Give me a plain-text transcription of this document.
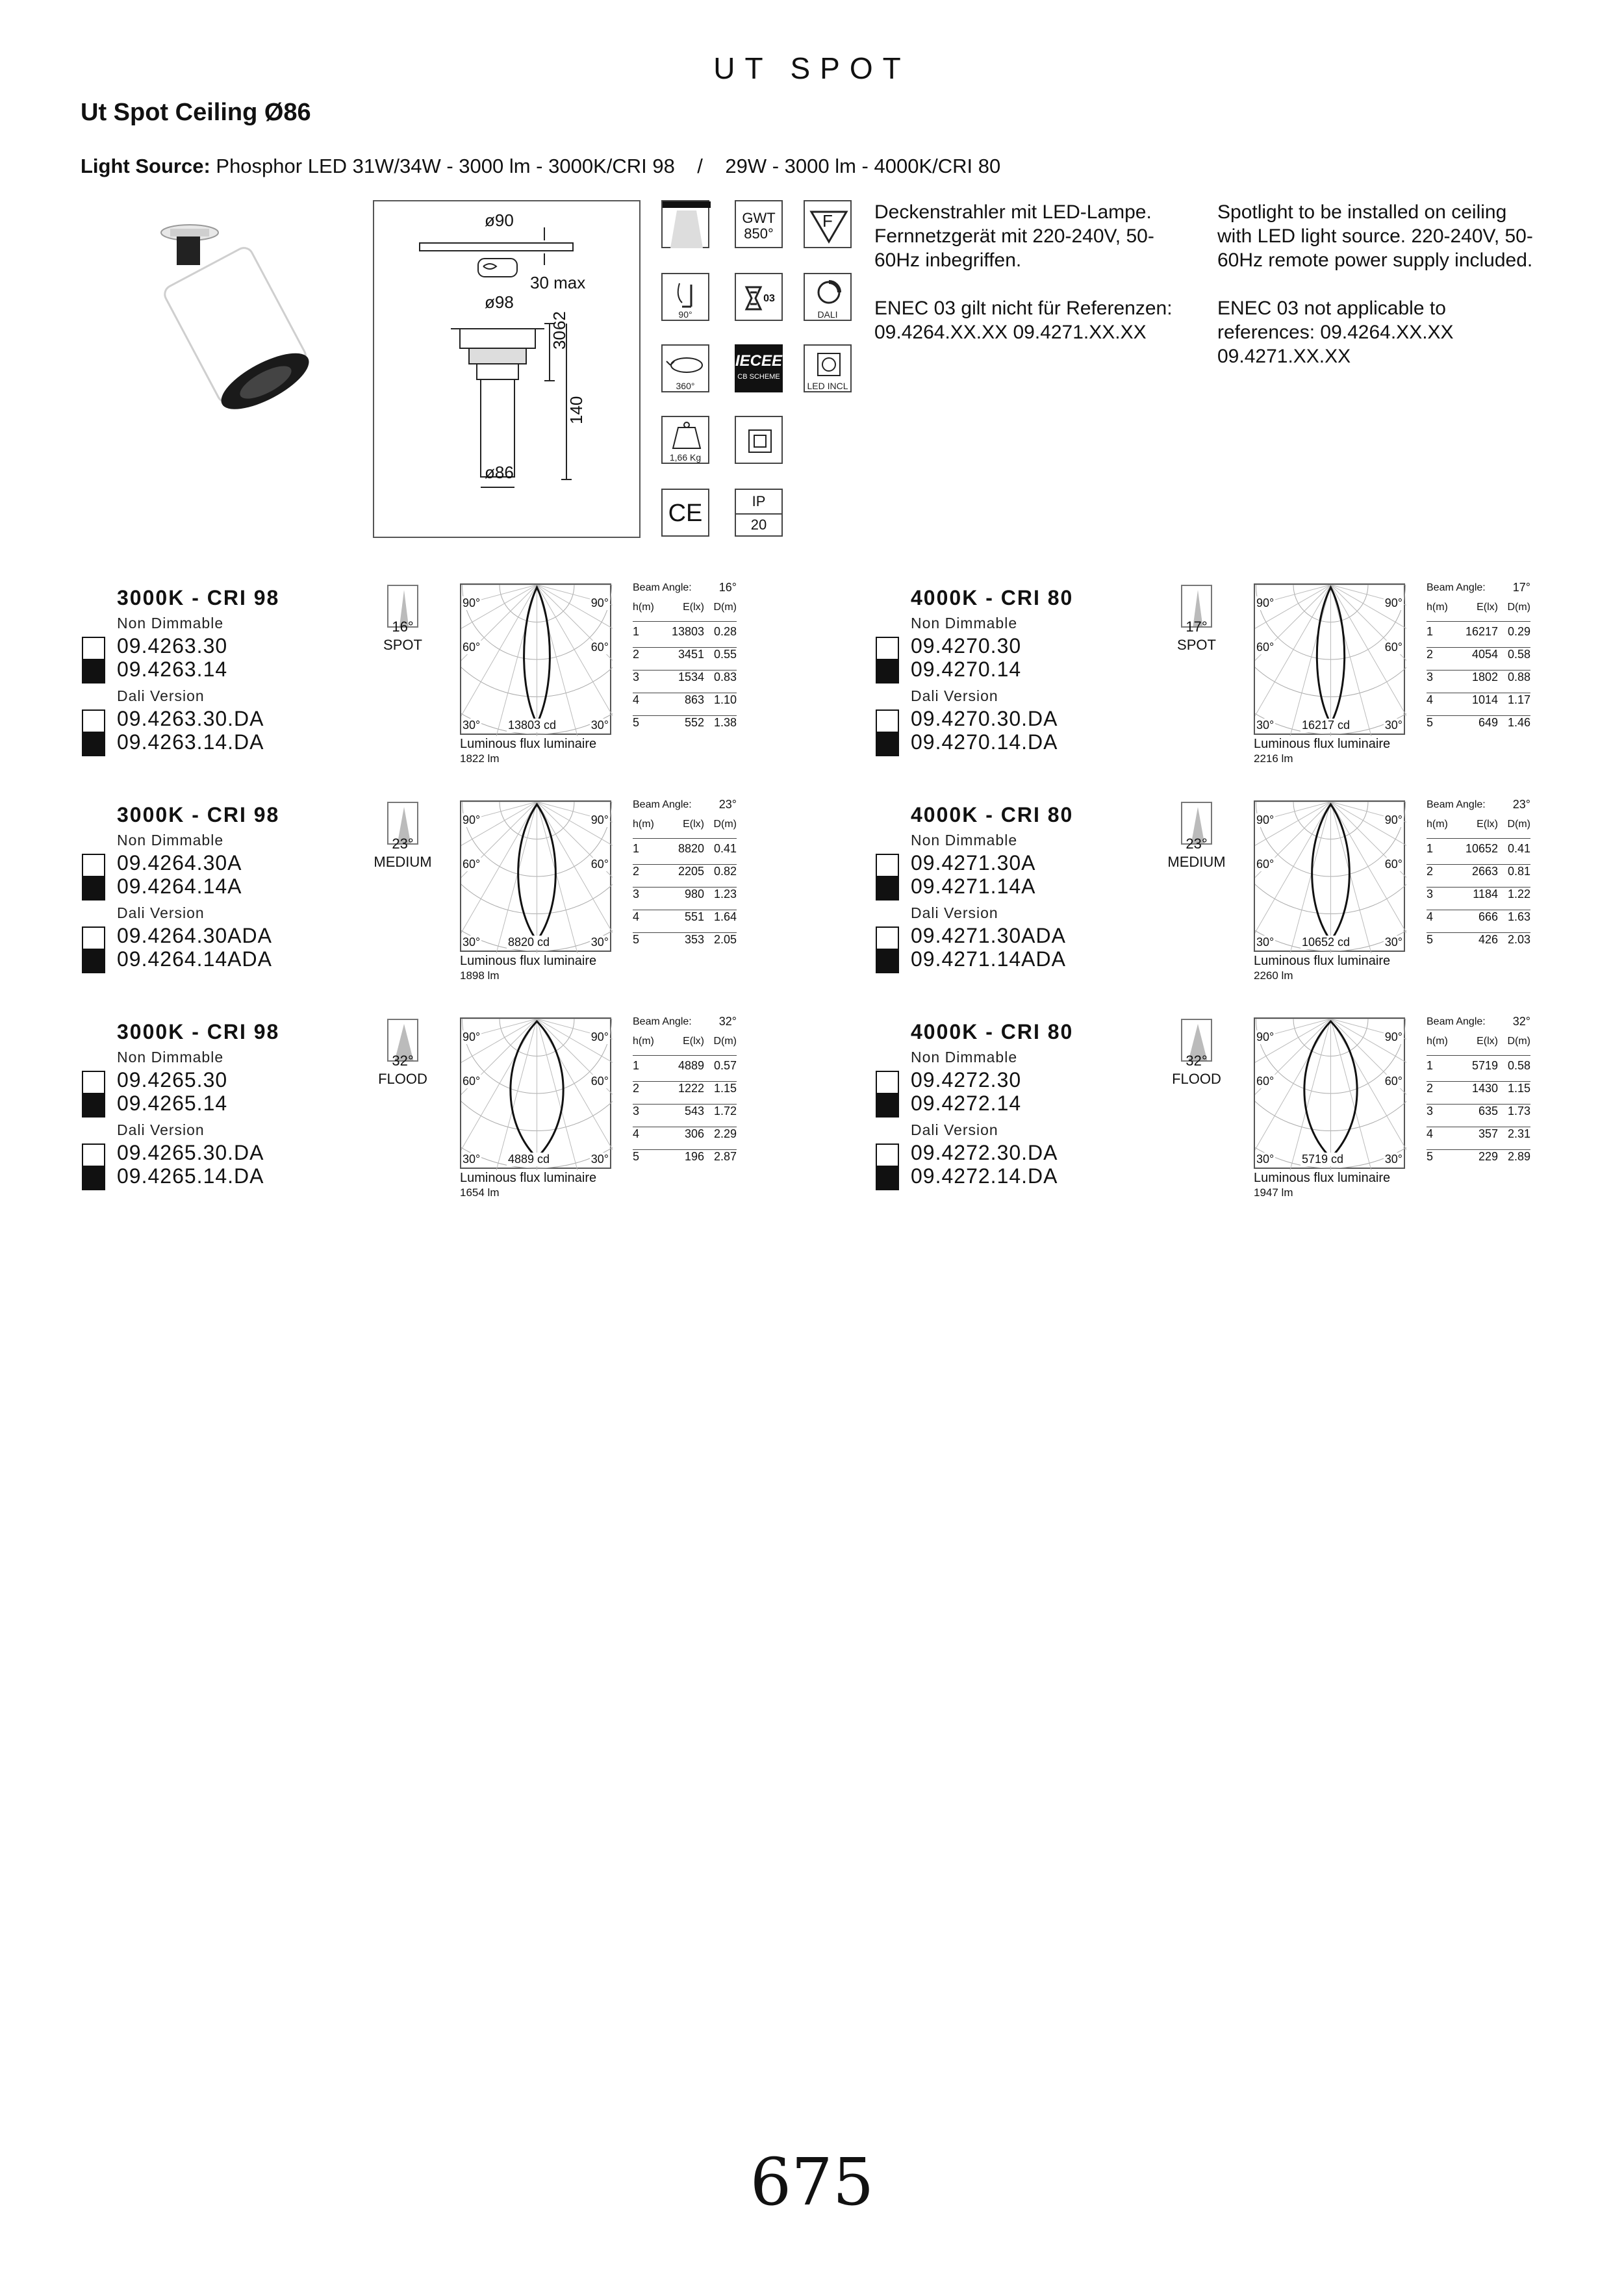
UT SPOT
Ut Spot Ceiling Ø86
Light Source: Phosphor LED 31W/34W - 3000 lm - 3000K/CRI 98    /    29W - 3000 lm - 4000K/CRI 80
ø90
30 max
ø98
30
62
140
ø86
GWT
850°
F
90°
03
DALI
360°
IECEE
CB SCHEME
LED INCL
1,66 Kg
CE	IP
20

Deckenstrahler mit LED-Lampe. Fernnetzgerät mit 220-240V, 50-60Hz inbegriffen.

ENEC 03 gilt nicht für Referenzen: 09.4264.XX.XX 09.4271.XX.XX

Spotlight to be installed on ceiling with LED light source. 220-240V, 50-60Hz remote power supply included.

ENEC 03 not applicable to references: 09.4264.XX.XX 09.4271.XX.XX

3000K - CRI 98
Non Dimmable
09.4263.30
09.4263.14
Dali Version
09.4263.30.DA
09.4263.14.DA
16°
SPOT
90°	90°
60°	60°
30°	30°
13803 cd
Luminous flux luminaire
1822 lm
Beam Angle: 16°
h(m)	E(lx) D(m)
1	13803 0.28
2	3451 0.55
3	1534 0.83
4	863 1.10
5	552 1.38
4000K - CRI 80
Non Dimmable
09.4270.30
09.4270.14
Dali Version
09.4270.30.DA
09.4270.14.DA
17°
SPOT
90°	90°
60°	60°
30°	30°
16217 cd
Luminous flux luminaire
2216 lm
Beam Angle: 17°
h(m)	E(lx) D(m)
1	16217 0.29
2	4054 0.58
3	1802 0.88
4	1014 1.17
5	649 1.46
3000K - CRI 98
Non Dimmable
09.4264.30A
09.4264.14A
Dali Version
09.4264.30ADA
09.4264.14ADA
23°
MEDIUM
90°	90°
60°	60°
30°	30°
8820 cd
Luminous flux luminaire
1898 lm
Beam Angle: 23°
h(m)	E(lx) D(m)
1	8820 0.41
2	2205 0.82
3	980 1.23
4	551 1.64
5	353 2.05
4000K - CRI 80
Non Dimmable
09.4271.30A
09.4271.14A
Dali Version
09.4271.30ADA
09.4271.14ADA
23°
MEDIUM
90°	90°
60°	60°
30°	30°
10652 cd
Luminous flux luminaire
2260 lm
Beam Angle: 23°
h(m)	E(lx) D(m)
1	10652 0.41
2	2663 0.81
3	1184 1.22
4	666 1.63
5	426 2.03
3000K - CRI 98
Non Dimmable
09.4265.30
09.4265.14
Dali Version
09.4265.30.DA
09.4265.14.DA
32°
FLOOD
90°	90°
60°	60°
30°	30°
4889 cd
Luminous flux luminaire
1654 lm
Beam Angle: 32°
h(m)	E(lx) D(m)
1	4889 0.57
2	1222 1.15
3	543 1.72
4	306 2.29
5	196 2.87
4000K - CRI 80
Non Dimmable
09.4272.30
09.4272.14
Dali Version
09.4272.30.DA
09.4272.14.DA
32°
FLOOD
90°	90°
60°	60°
30°	30°
5719 cd
Luminous flux luminaire
1947 lm
Beam Angle: 32°
h(m)	E(lx) D(m)
1	5719 0.58
2	1430 1.15
3	635 1.73
4	357 2.31
5	229 2.89
675
